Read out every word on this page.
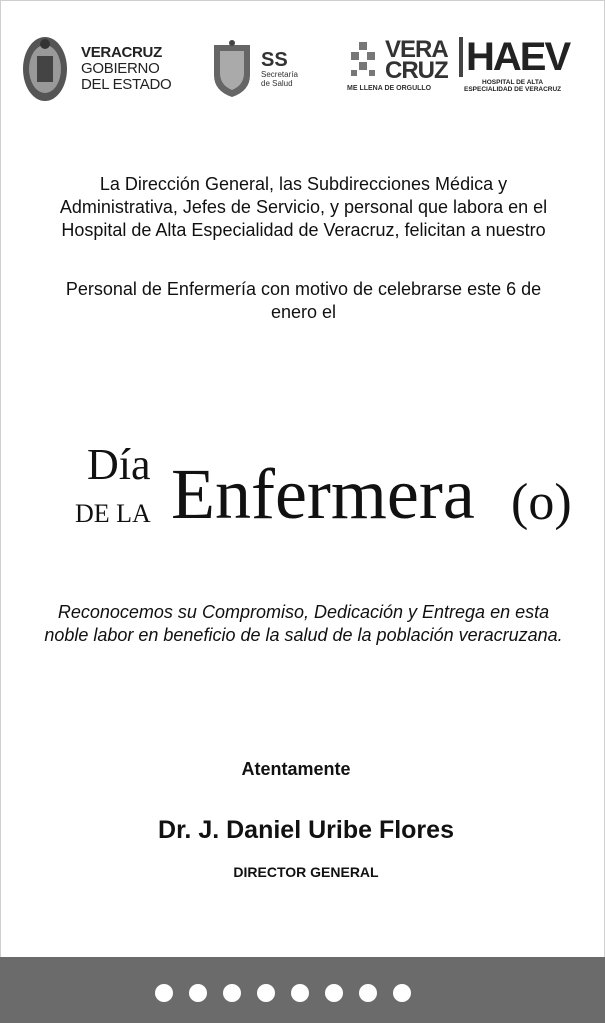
VERACRUZ
GOBIERNO
DEL ESTADO
SS
Secretaría
de Salud
VERA
CRUZ
ME LLENA DE ORGULLO
HAEV
HOSPITAL DE ALTA
ESPECIALIDAD DE VERACRUZ
La Dirección General, las Subdirecciones Médica y Administrativa, Jefes de Servicio, y personal que labora en el Hospital de Alta Especialidad de Veracruz, felicitan a nuestro
Personal de Enfermería con motivo de celebrarse este 6 de enero el
Día
DE LA Enfermera (o)
Reconocemos su Compromiso, Dedicación y Entrega en esta noble labor en beneficio de la salud de la población veracruzana.
Atentamente
Dr. J. Daniel Uribe Flores
DIRECTOR GENERAL
